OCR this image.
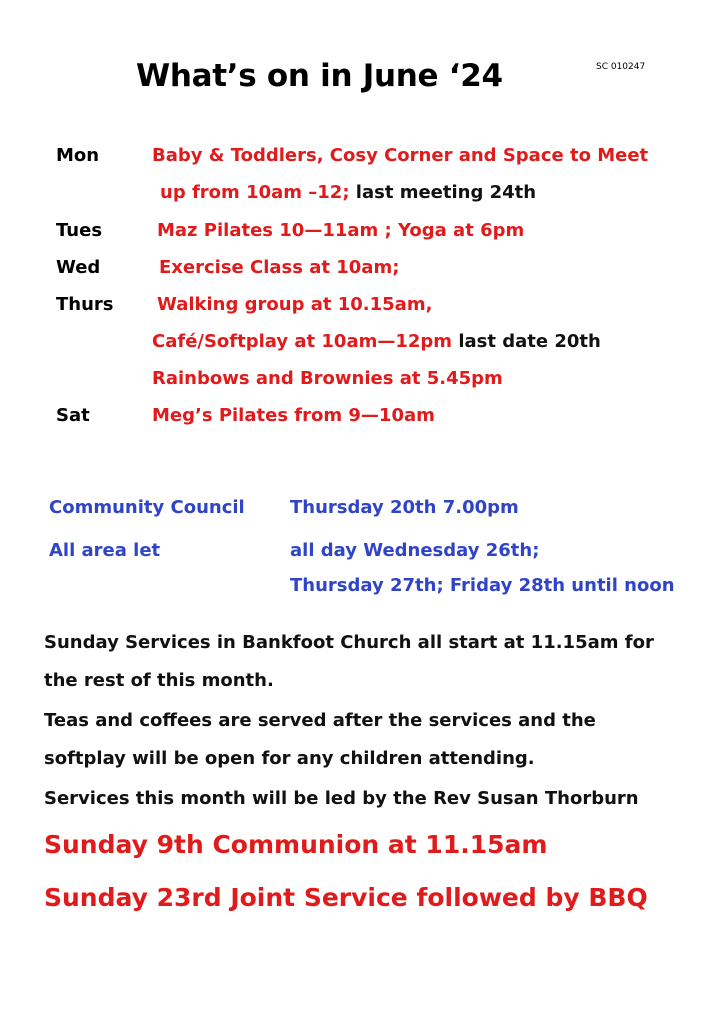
What’s on in June ‘24	SC 010247
Mon	Baby & Toddlers, Cosy Corner and Space to Meet
up from 10am –12; last meeting 24th
Tues	Maz Pilates 10—11am ; Yoga at 6pm
Wed	Exercise Class at 10am;
Thurs Walking group at 10.15am,
Café/Softplay at 10am—12pm last date 20th
Rainbows and Brownies at 5.45pm
Sat	Meg’s Pilates from 9—10am
Community Council	Thursday 20th 7.00pm
All area let	all day Wednesday 26th;
Thursday 27th; Friday 28th until noon
Sunday Services in Bankfoot Church all start at 11.15am for the rest of this month.
Teas and coffees are served after the services and the softplay will be open for any children attending.
Services this month will be led by the Rev Susan Thorburn
Sunday 9th Communion at 11.15am
Sunday 23rd Joint Service followed by BBQ
